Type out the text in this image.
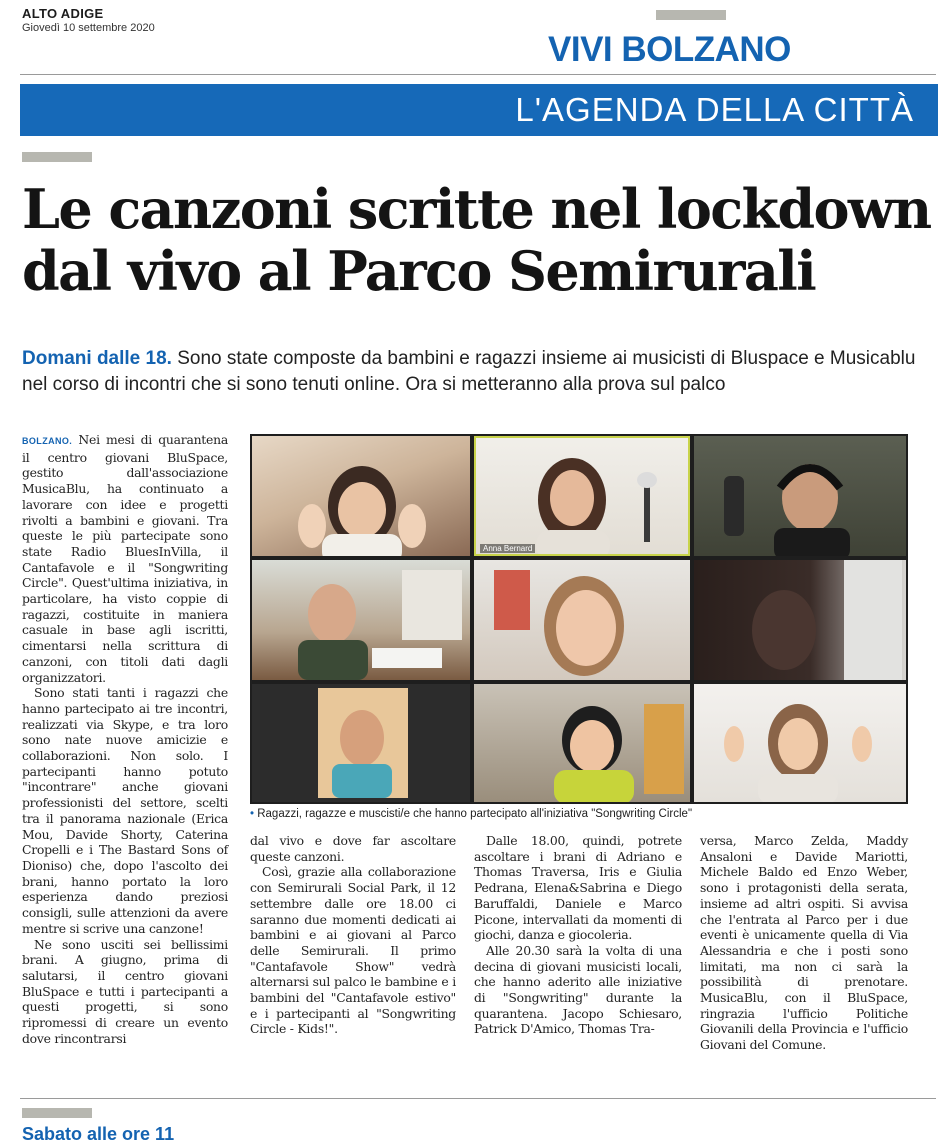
ALTO ADIGE
Giovedì 10 settembre 2020
VIVI BOLZANO
L'AGENDA DELLA CITTÀ
Le canzoni scritte nel lockdown
dal vivo al Parco Semirurali
Domani dalle 18. Sono state composte da bambini e ragazzi insieme ai musicisti di Bluspace e Musicablu nel corso di incontri che si sono tenuti online. Ora si metteranno alla prova sul palco

BOLZANO. Nei mesi di quarantena il centro giovani BluSpace, gestito dall'associazione MusicaBlu, ha continuato a lavorare con idee e progetti rivolti a bambini e giovani. Tra queste le più partecipate sono state Radio BluesInVilla, il Cantafavole e il "Songwriting Circle". Quest'ultima iniziativa, in particolare, ha visto coppie di ragazzi, costituite in maniera casuale in base agli iscritti, cimentarsi nella scrittura di canzoni, con titoli dati dagli organizzatori.

Sono stati tanti i ragazzi che hanno partecipato ai tre incontri, realizzati via Skype, e tra loro sono nate nuove amicizie e collaborazioni. Non solo. I partecipanti hanno potuto "incontrare" anche giovani professionisti del settore, scelti tra il panorama nazionale (Erica Mou, Davide Shorty, Caterina Cropelli e i The Bastard Sons of Dioniso) che, dopo l'ascolto dei brani, hanno portato la loro esperienza dando preziosi consigli, sulle attenzioni da avere mentre si scrive una canzone!

Ne sono usciti sei bellissimi brani. A giugno, prima di salutarsi, il centro giovani BluSpace e tutti i partecipanti a questi progetti, si sono ripromessi di creare un evento dove rincontrarsi

Anna Bernard
• Ragazzi, ragazze e muscisti/e che hanno partecipato all'iniziativa "Songwriting Circle"

dal vivo e dove far ascoltare queste canzoni.

Così, grazie alla collaborazione con Semirurali Social Park, il 12 settembre dalle ore 18.00 ci saranno due momenti dedicati ai bambini e ai giovani al Parco delle Semirurali. Il primo "Cantafavole Show" vedrà alternarsi sul palco le bambine e i bambini del "Cantafavole estivo" e i partecipanti al "Songwriting Circle - Kids!".

Dalle 18.00, quindi, potrete ascoltare i brani di Adriano e Thomas Traversa, Iris e Giulia Pedrana, Elena&Sabrina e Diego Baruffaldi, Daniele e Marco Picone, intervallati da momenti di giochi, danza e giocoleria.

Alle 20.30 sarà la volta di una decina di giovani musicisti locali, che hanno aderito alle iniziative di "Songwriting" durante la quarantena. Jacopo Schiesaro, Patrick D'Amico, Thomas Tra-

versa, Marco Zelda, Maddy Ansaloni e Davide Mariotti, Michele Baldo ed Enzo Weber, sono i protagonisti della serata, insieme ad altri ospiti. Si avvisa che l'entrata al Parco per i due eventi è unicamente quella di Via Alessandria e che i posti sono limitati, ma non ci sarà la possibilità di prenotare. MusicaBlu, con il BluSpace, ringrazia l'ufficio Politiche Giovanili della Provincia e l'ufficio Giovani del Comune.

Sabato alle ore 11
